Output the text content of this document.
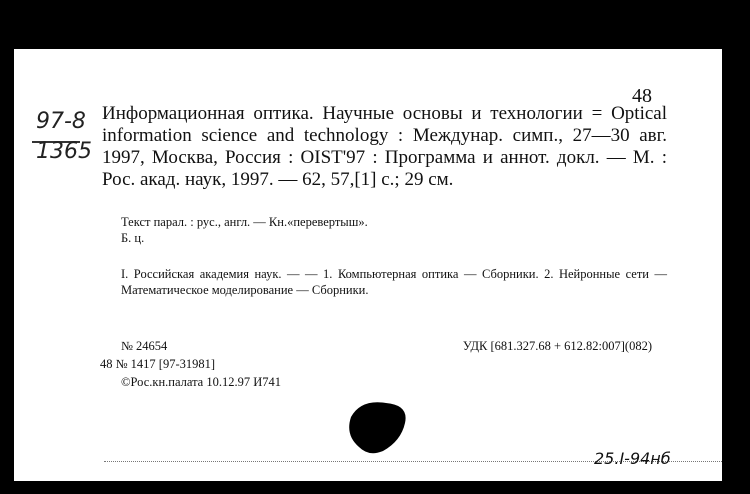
48
97-8
1365
Информационная оптика. Научные основы и технологии = Optical information science and technology : Междунар. симп., 27—30 авг. 1997, Москва, Россия : OIST'97 : Программа и аннот. докл. — М. : Рос. акад. наук, 1997. — 62, 57,[1] с.; 29 см.
Текст парал. : рус., англ. — Кн.«перевертыш».
Б. ц.
I. Российская академия наук. — — 1. Компьютерная оптика — Сборники. 2. Нейронные сети — Математическое моделирование — Сборники.
№ 24654	УДК [681.327.68 + 612.82:007](082)
48 № 1417 [97-31981]
©Рос.кн.палата 10.12.97 И741
25.I-94нб
